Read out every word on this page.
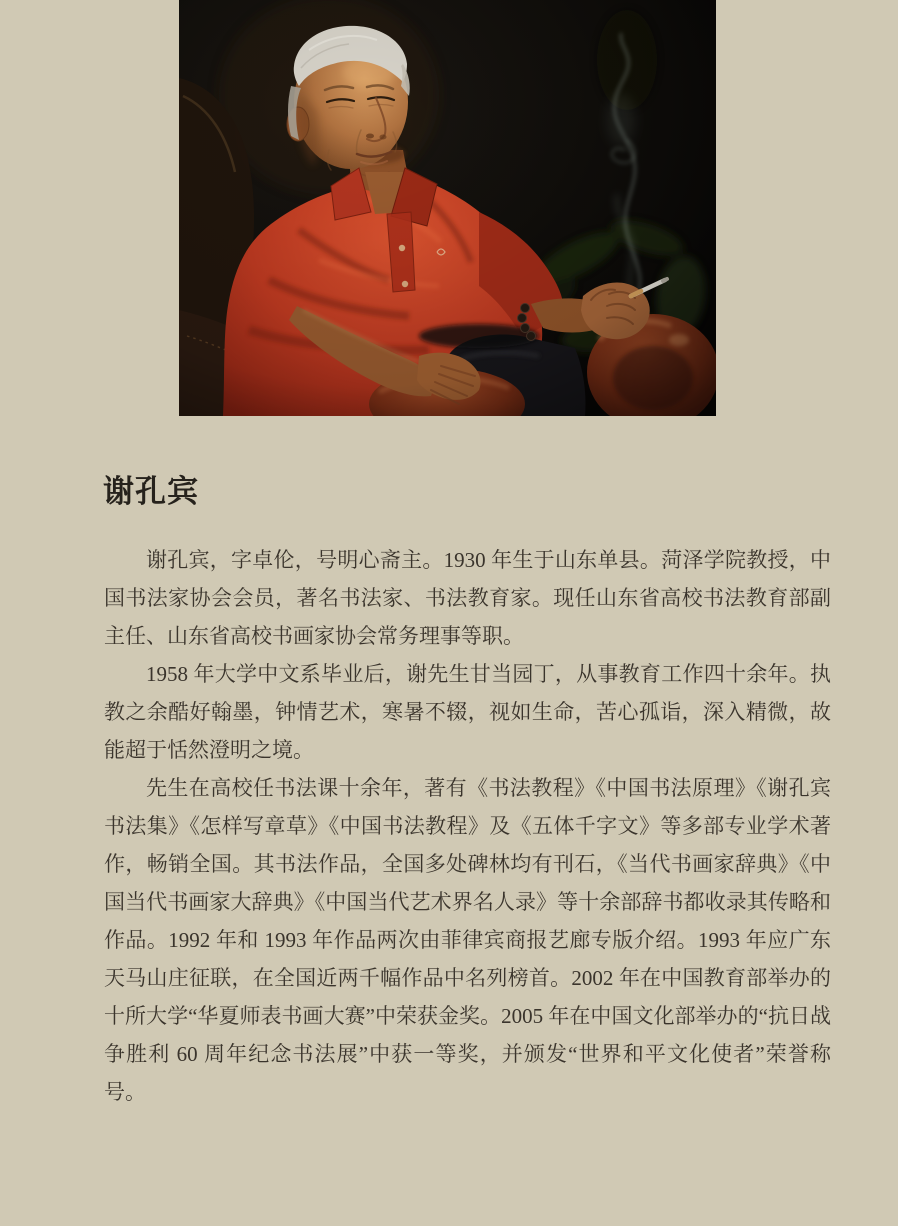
谢孔宾

谢孔宾，字卓伦，号明心斋主。1930 年生于山东单县。菏泽学院教授，中国书法家协会会员，著名书法家、书法教育家。现任山东省高校书法教育部副主任、山东省高校书画家协会常务理事等职。

1958 年大学中文系毕业后，谢先生甘当园丁，从事教育工作四十余年。执教之余酷好翰墨，钟情艺术，寒暑不辍，视如生命，苦心孤诣，深入精微，故能超于恬然澄明之境。

先生在高校任书法课十余年，著有《书法教程》《中国书法原理》《谢孔宾书法集》《怎样写章草》《中国书法教程》及《五体千字文》等多部专业学术著作，畅销全国。其书法作品，全国多处碑林均有刊石，《当代书画家辞典》《中国当代书画家大辞典》《中国当代艺术界名人录》等十余部辞书都收录其传略和作品。1992 年和 1993 年作品两次由菲律宾商报艺廊专版介绍。1993 年应广东天马山庄征联，在全国近两千幅作品中名列榜首。2002 年在中国教育部举办的十所大学“华夏师表书画大赛”中荣获金奖。2005 年在中国文化部举办的“抗日战争胜利 60 周年纪念书法展”中获一等奖，并颁发“世界和平文化使者”荣誉称号。
